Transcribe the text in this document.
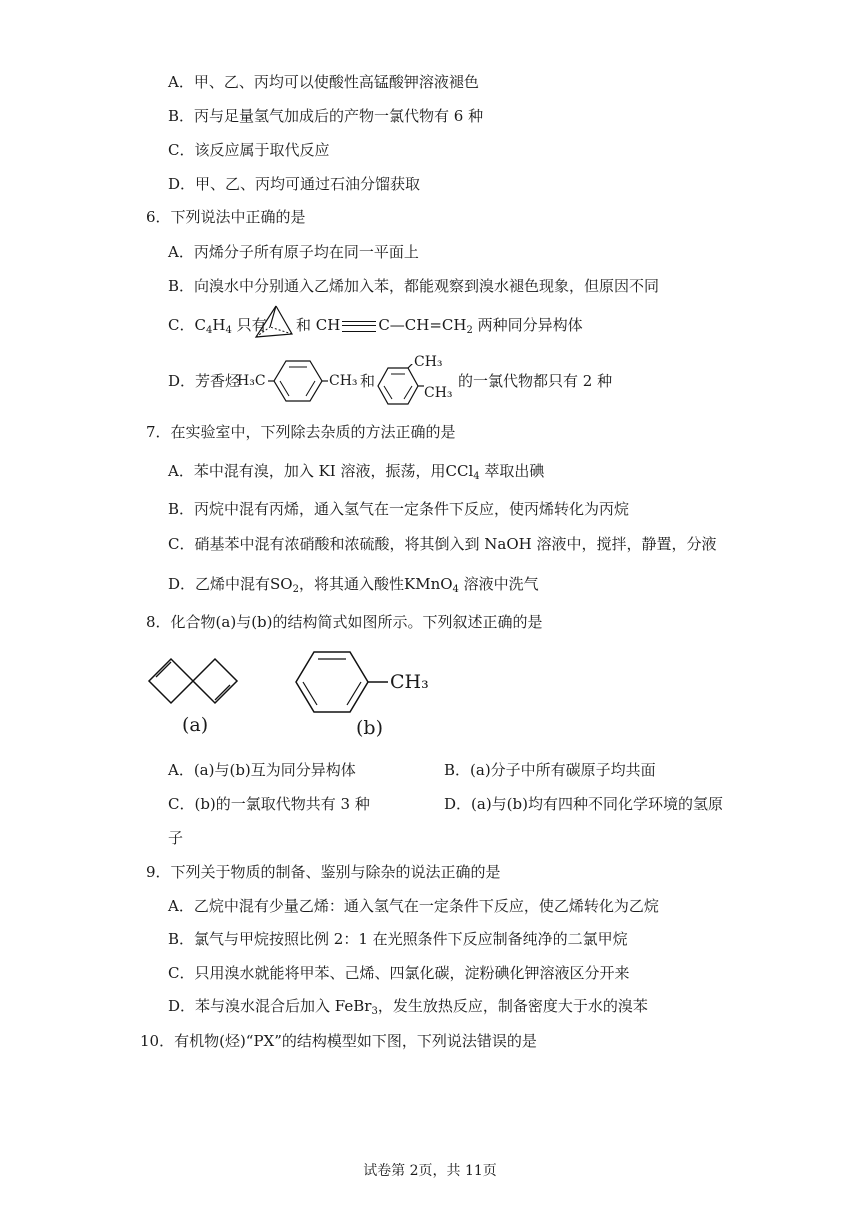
A．甲、乙、丙均可以使酸性高锰酸钾溶液褪色
B．丙与足量氢气加成后的产物一氯代物有 6 种
C．该反应属于取代反应
D．甲、乙、丙均可通过石油分馏获取
6．下列说法中正确的是
A．丙烯分子所有原子均在同一平面上
B．向溴水中分别通入乙烯加入苯，都能观察到溴水褪色现象，但原因不同
C．$C_4H_4$ 只有 和 CH	$C—CH=CH_2$ 两种同分异构体
D．芳香烃
H₃C	CH₃ 和
CH₃
CH₃
的一氯代物都只有 2 种
7．在实验室中，下列除去杂质的方法正确的是
A．苯中混有溴，加入 KI 溶液，振荡，用CCl$_4$ 萃取出碘
B．丙烷中混有丙烯，通入氢气在一定条件下反应，使丙烯转化为丙烷
C．硝基苯中混有浓硝酸和浓硫酸，将其倒入到 NaOH 溶液中，搅拌，静置，分液
D．乙烯中混有$SO_2$，将其通入酸性KMnO$_4$ 溶液中洗气
8．化合物(a)与(b)的结构简式如图所示。下列叙述正确的是
(a)
CH₃
(b)
A．(a)与(b)互为同分异构体	B．(a)分子中所有碳原子均共面
C．(b)的一氯取代物共有 3 种	D．(a)与(b)均有四种不同化学环境的氢原
子
9．下列关于物质的制备、鉴别与除杂的说法正确的是
A．乙烷中混有少量乙烯：通入氢气在一定条件下反应，使乙烯转化为乙烷
B．氯气与甲烷按照比例 2：1 在光照条件下反应制备纯净的二氯甲烷
C．只用溴水就能将甲苯、己烯、四氯化碳，淀粉碘化钾溶液区分开来
D．苯与溴水混合后加入 FeBr$_3$，发生放热反应，制备密度大于水的溴苯
10．有机物(烃)“PX”的结构模型如下图，下列说法错误的是
试卷第 2页，共 11页
